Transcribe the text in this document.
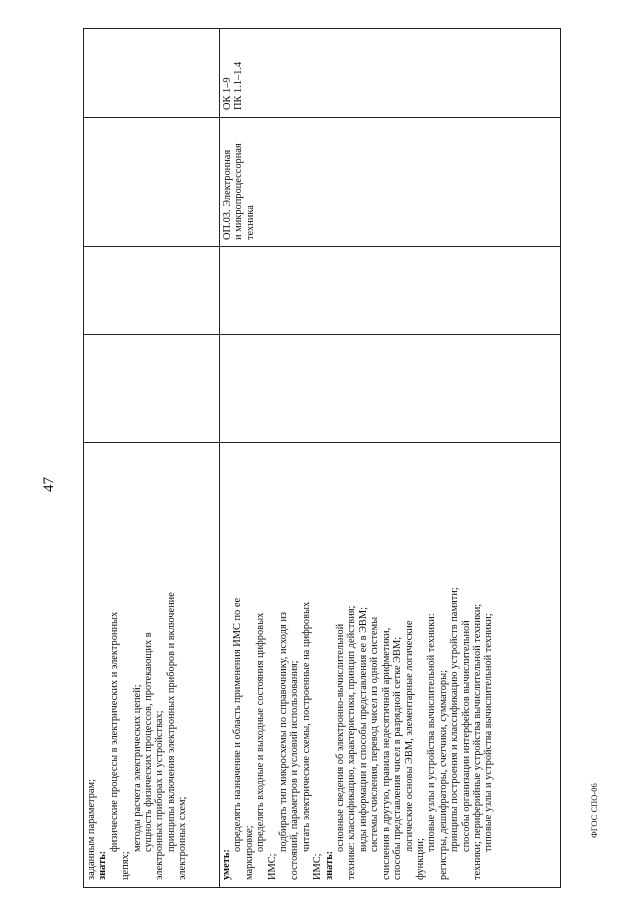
47
ФГОС СПО-06
заданным параметрам; знать:
физические процессы в электрических и электронных
цепях;
методы расчета электрических цепей; сущность физических процессов, протекающих в электронных приборах и устройствах; принципы включения электронных приборов и включение электронных схем;	уметь:
определять назначение и область применения ИМС по ее
маркировке;
определять входные и выходные состояния цифровых
ИМС;
подбирать тип микросхемы по справочнику, исходя из состояний, параметров и условий использования; читать электрические схемы, построенные на цифровых
ИМС; знать:
основные сведения об электронно-вычислительной технике: классификацию, характеристики, принцип действия; виды информации и способы представления ее в ЭВМ; системы счисления, перевод чисел из одной системы счисления в другую, правила недесятичной арифметики, способы представления чисел в разрядной сетке ЭВМ; логические основы ЭВМ, элементарные логические
функции;
типовые узлы и устройства вычислительной техники: регистры, дешифраторы, счетчики, сумматоры; принципы построения и классификацию устройств памяти; способы организации интерфейсов вычислительной техники; периферийные устройства вычислительной техники; типовые узлы и устройства вычислительной техники;
ОП.03. Электронная и микропроцессорная техника
ОК 1–9 ПК 1.1–1.4
